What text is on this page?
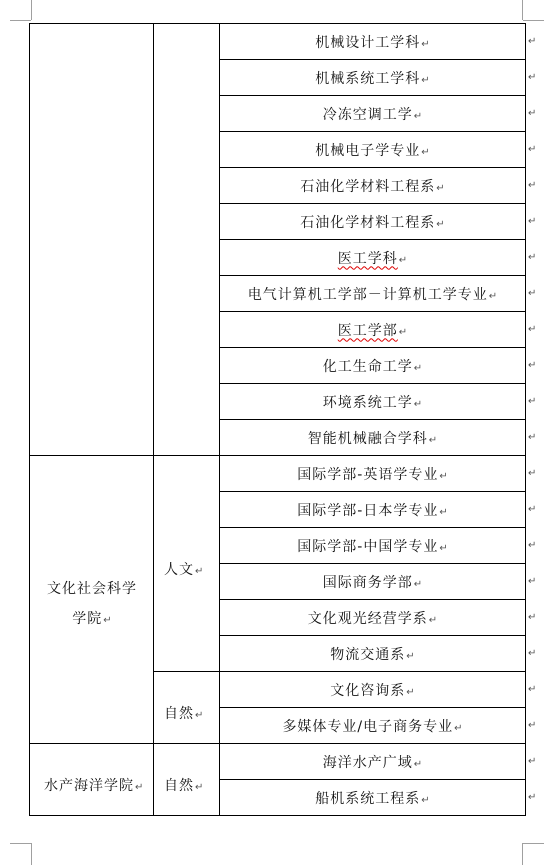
		机械设计工学科↵
		机械系统工学科↵
		冷冻空调工学↵
		机械电子学专业↵
		石油化学材料工程系↵
		石油化学材料工程系↵
		医工学科↵
		电气计算机工学部－计算机工学专业↵
		医工学部↵
		化工生命工学↵
		环境系统工学↵
		智能机械融合学科↵

文化社会科学
学院↵	人文↵	国际学部-英语学专业↵
		国际学部-日本学专业↵
		国际学部-中国学专业↵
		国际商务学部↵
		文化观光经营学系↵
		物流交通系↵

	自然↵	文化咨询系↵
		多媒体专业/电子商务专业↵

水产海洋学院↵	自然↵	海洋水产广域↵
		船机系统工程系↵
↵
↵
↵
↵
↵
↵
↵
↵
↵
↵
↵
↵
↵
↵
↵
↵
↵
↵
↵
↵
↵
↵
